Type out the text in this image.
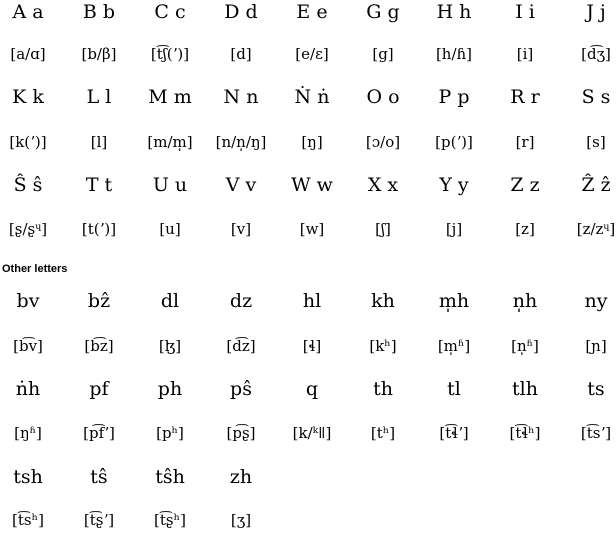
A a	B b	C c	D d	E e	G g	H h	I i	J j
[a/ɑ]	[b/β]	[t͡ʃ(ʼ)]	[d]	[e/ɛ]	[g]	[h/ɦ]	[i]	[d͡ʒ]
K k	L l	M m	N n	Ṅ ṅ	O o	P p	R r	S s
[k(ʼ)]	[l]	[m/m̩]	[n/n̩/ŋ]	[ŋ]	[ɔ/o]	[p(ʼ)]	[r]	[s]
Ŝ ŝ	T t	U u	V v	W w	X x	Y y	Z z	Ẑ ẑ
[ʂ/ʂᶣ]	[t(ʼ)]	[u]	[v]	[w]	[ʃ]	[j]	[z]	[z/zᶣ]
Other letters
bv	bẑ	dl	dz	hl	kh	m̩h	n̩h	ny
[b͡v]	[b͡z]	[ɮ]	[d͡z]	[ɬ]	[kʰ]	[m̩ʱ]	[n̩ʱ]	[ɲ]
ṅh	pf	ph	pŝ	q	th	tl	tlh	ts
[ŋʱ]	[p͡fʼ]	[pʰ]	[p͡ʂ]	[k/ᵏǁ]	[tʰ]	[t͡ɬʼ]	[t͡ɬʰ]	[t͡sʼ]
tsh	tŝ	tŝh	zh
[t͡sʰ]	[t͡ʂʼ]	[t͡ʂʰ]	[ʒ]
